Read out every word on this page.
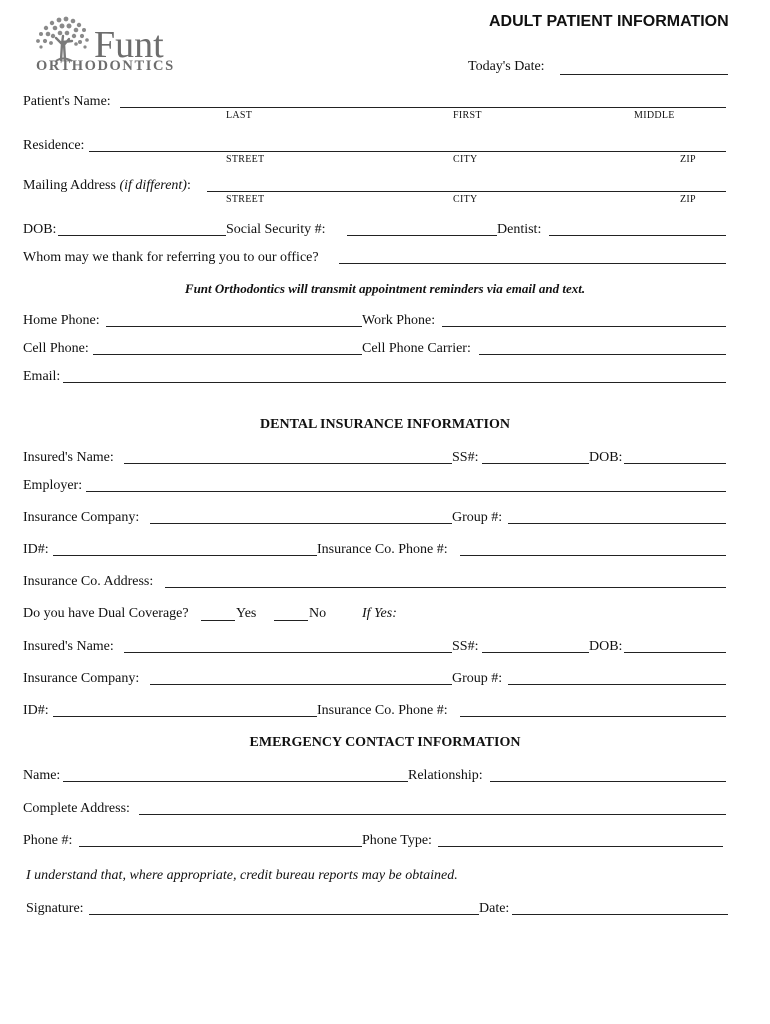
Funt
ORTHODONTICS
ADULT PATIENT INFORMATION
Today's Date:
Patient's Name:
LAST	FIRST	MIDDLE
Residence:
STREET	CITY	ZIP
Mailing Address (if different):
STREET	CITY	ZIP
DOB:	Social Security #:	Dentist:
Whom may we thank for referring you to our office?
Funt Orthodontics will transmit appointment reminders via email and text.
Home Phone:	Work Phone:
Cell Phone:	Cell Phone Carrier:
Email:
DENTAL INSURANCE INFORMATION
Insured's Name:	SS#:	DOB:
Employer:
Insurance Company:	Group #:
ID#:	Insurance Co. Phone #:
Insurance Co. Address:
Do you have Dual Coverage?	Yes	No	If Yes:
Insured's Name:	SS#:	DOB:
Insurance Company:	Group #:
ID#:	Insurance Co. Phone #:
EMERGENCY CONTACT INFORMATION
Name:	Relationship:
Complete Address:
Phone #:	Phone Type:
I understand that, where appropriate, credit bureau reports may be obtained.
Signature:	Date:
